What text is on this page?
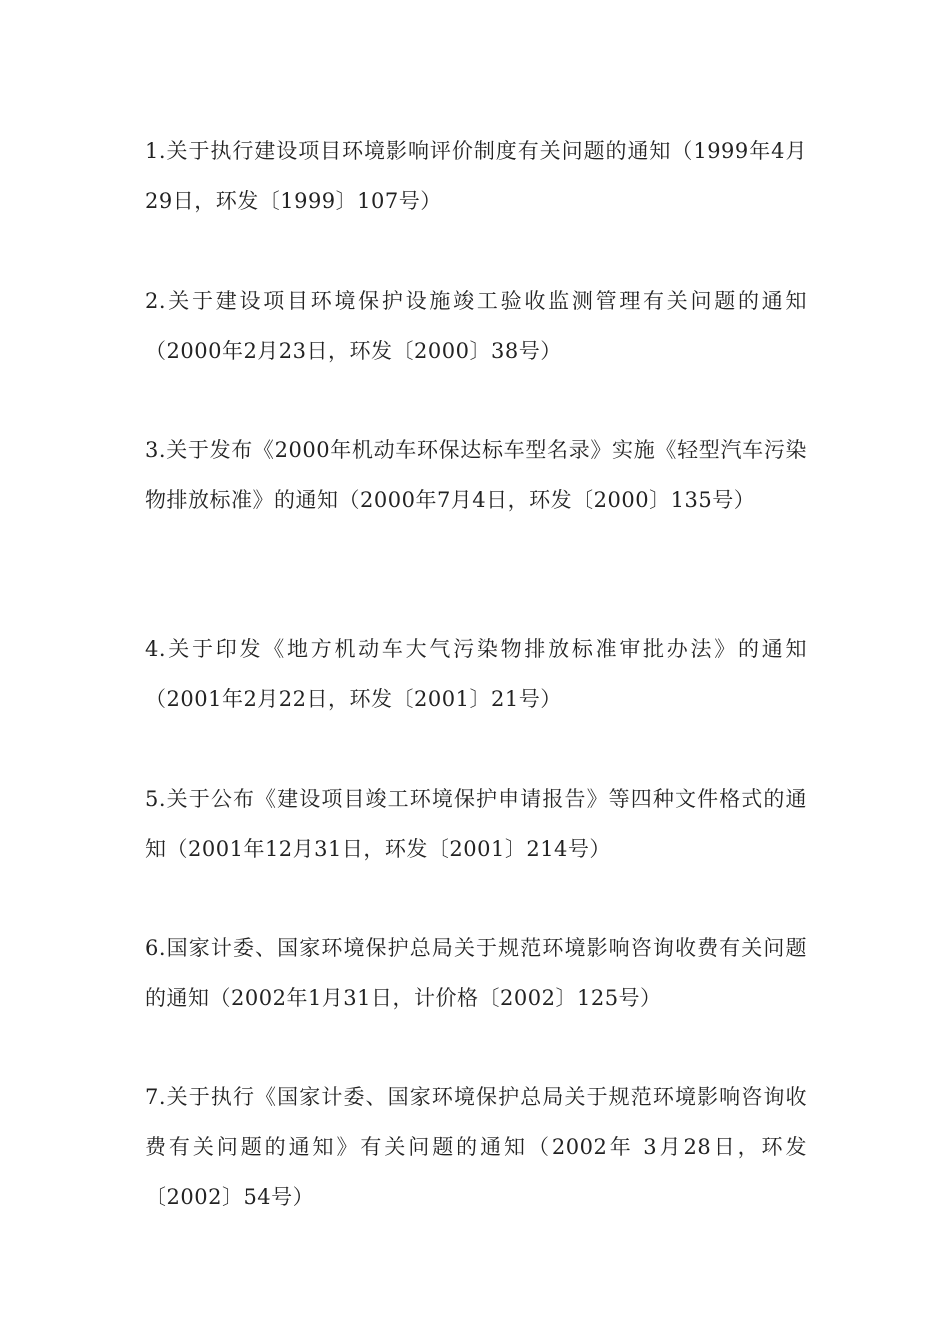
1.关于执行建设项目环境影响评价制度有关问题的通知（1999年4月29日，环发〔1999〕107号）

2.关于建设项目环境保护设施竣工验收监测管理有关问题的通知（2000年2月23日，环发〔2000〕38号）

3.关于发布《2000年机动车环保达标车型名录》实施《轻型汽车污染物排放标准》的通知（2000年7月4日，环发〔2000〕135号）

4.关于印发《地方机动车大气污染物排放标准审批办法》的通知（2001年2月22日，环发〔2001〕21号）

5.关于公布《建设项目竣工环境保护申请报告》等四种文件格式的通知（2001年12月31日，环发〔2001〕214号）

6.国家计委、国家环境保护总局关于规范环境影响咨询收费有关问题的通知（2002年1月31日，计价格〔2002〕125号）

7.关于执行《国家计委、国家环境保护总局关于规范环境影响咨询收费有关问题的通知》有关问题的通知（2002年 3月28日，环发〔2002〕54号）
